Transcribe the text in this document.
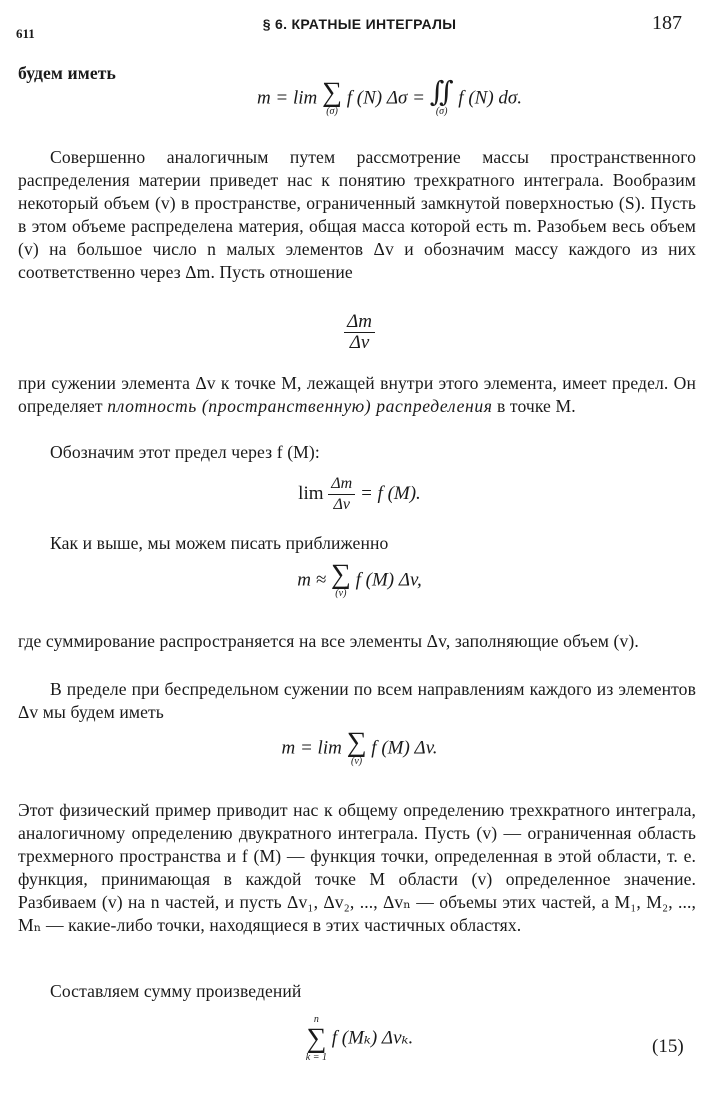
611
§ 6. КРАТНЫЕ ИНТЕГРАЛЫ	187
будем иметь
m = lim ∑
(σ)
f (N) Δσ = ∬
(σ)
f (N) dσ.
Совершенно аналогичным путем рассмотрение массы пространственного распределения материи приведет нас к понятию трехкратного интеграла. Вообразим некоторый объем (v) в пространстве, ограниченный замкнутой поверхностью (S). Пусть в этом объеме распределена материя, общая масса которой есть m. Разобьем весь объем (v) на большое число n малых элементов Δv и обозначим массу каждого из них соответственно через Δm. Пусть отношение
$\frac{\Delta m}{\Delta v}$
при сужении элемента Δv к точке M, лежащей внутри этого элемента, имеет предел. Он определяет плотность (пространственную) распределения в точке M.
Обозначим этот предел через f (M):
$\lim \frac{\Delta m}{\Delta v} = f$ (M).
Как и выше, мы можем писать приближенно
m ≈ ∑
(v)
f (M) Δv,
где суммирование распространяется на все элементы Δv, заполняющие объем (v).
В пределе при беспредельном сужении по всем направлениям каждого из элементов Δv мы будем иметь
m = lim ∑
(v)
f (M) Δv.
Этот физический пример приводит нас к общему определению трехкратного интеграла, аналогичному определению двукратного интеграла. Пусть (v) — ограниченная область трехмерного пространства и f (M) — функция точки, определенная в этой области, т. е. функция, принимающая в каждой точке M области (v) определенное значение. Разбиваем (v) на n частей, и пусть Δv₁, Δv₂, ..., Δvₙ — объемы этих частей, а M₁, M₂, ..., Mₙ — какие-либо точки, находящиеся в этих частичных областях.
Составляем сумму произведений
n
∑
k = 1
f (Mₖ) Δvₖ.	(15)
